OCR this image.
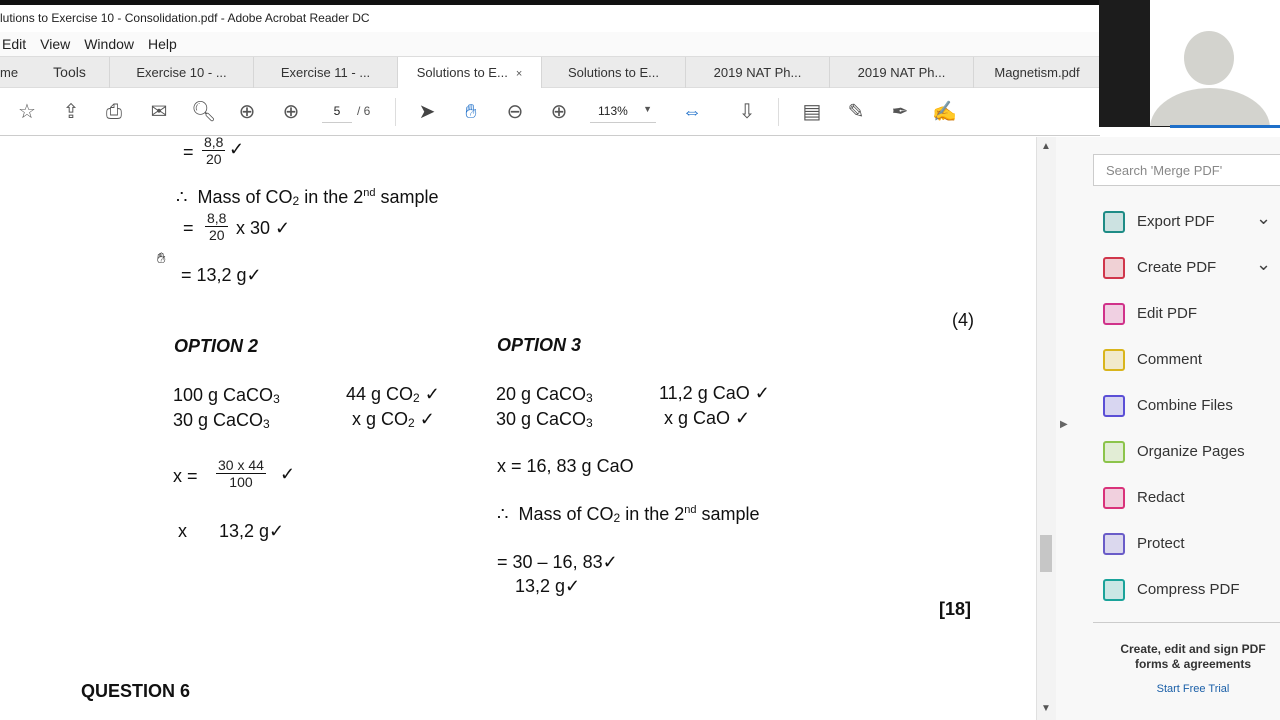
lutions to Exercise 10 - Consolidation.pdf - Adobe Acrobat Reader DC
Edit View Window Help
me	Tools	Exercise 10 - ...	Exercise 11 - ...	Solutions to E... ×	Solutions to E...	2019 NAT Ph...	2019 NAT Ph...	Magnetism.pdf
☆ ⇪ ⎙ ✉ 🔍︎ ⊕ ⊕	5	/ 6 ➤	✋︎	⊖ ⊕	113% ▼ ⇔ ⇩ ▤ ✎ ✒ ✍
= $\frac{8,8}{20}$ ✓
∴ Mass of $CO_2$ in the 2nd sample
= $\frac{8,8}{20}$ x 30 ✓
= 13,2 g✓
✋︎
(4)
OPTION 2	OPTION 3
100 g CaCO$_3$	44 g $CO_2$ ✓
30 g CaCO$_3$	x g $CO_2$ ✓
$x = \frac{30 x 44}{100}$ ✓
x 13,2 g✓
20 g CaCO$_3$	11,2 g CaO ✓
30 g CaCO$_3$	x g CaO ✓
x = 16, 83 g CaO
∴ Mass of $CO_2$ in the 2nd sample
= 30 – 16, 83✓
13,2 g✓
[18]
QUESTION 6
▲
▼
▶
Search 'Merge PDF'
Export PDF ⌄
Create PDF ⌄
Edit PDF
Comment
Combine Files
Organize Pages
Redact
Protect
Compress PDF
Create, edit and sign PDF forms & agreements
Start Free Trial
